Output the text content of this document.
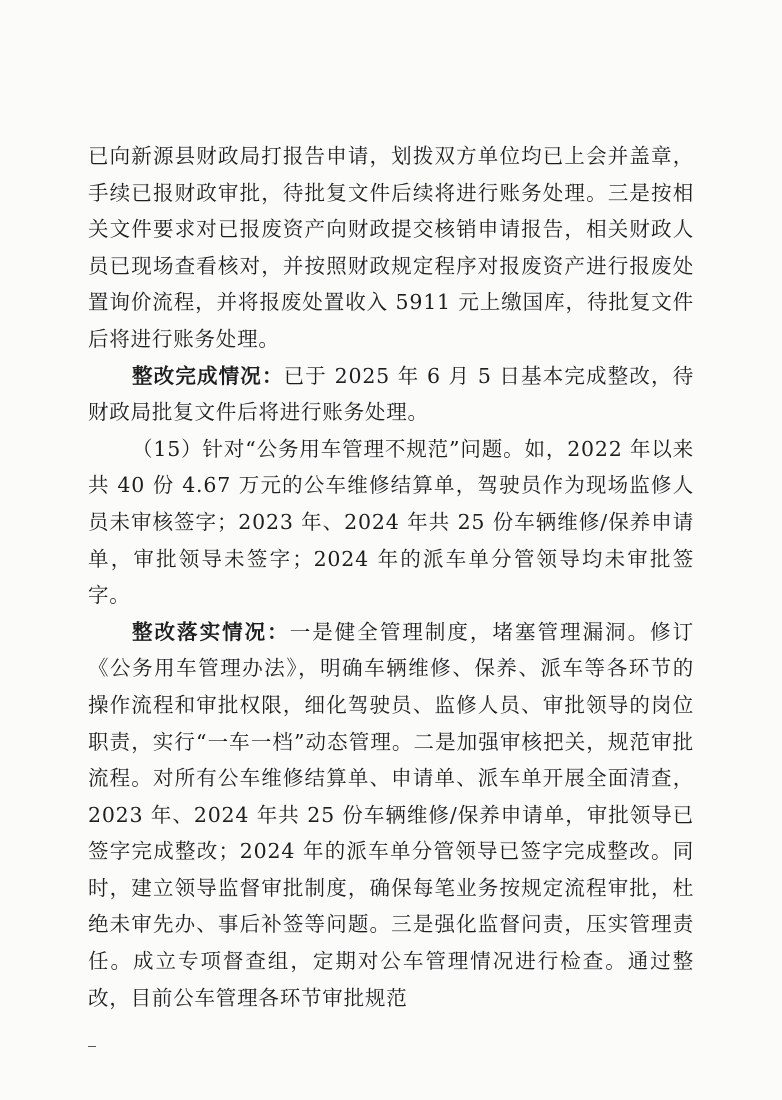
已向新源县财政局打报告申请，划拨双方单位均已上会并盖章，手续已报财政审批，待批复文件后续将进行账务处理。三是按相关文件要求对已报废资产向财政提交核销申请报告，相关财政人员已现场查看核对，并按照财政规定程序对报废资产进行报废处置询价流程，并将报废处置收入 5911 元上缴国库，待批复文件后将进行账务处理。

整改完成情况：已于 2025 年 6 月 5 日基本完成整改，待财政局批复文件后将进行账务处理。

（15）针对“公务用车管理不规范”问题。如，2022 年以来共 40 份 4.67 万元的公车维修结算单，驾驶员作为现场监修人员未审核签字；2023 年、2024 年共 25 份车辆维修/保养申请单，审批领导未签字；2024 年的派车单分管领导均未审批签字。

整改落实情况：一是健全管理制度，堵塞管理漏洞。修订《公务用车管理办法》，明确车辆维修、保养、派车等各环节的操作流程和审批权限，细化驾驶员、监修人员、审批领导的岗位职责，实行“一车一档”动态管理。二是加强审核把关，规范审批流程。对所有公车维修结算单、申请单、派车单开展全面清查，2023 年、2024 年共 25 份车辆维修/保养申请单，审批领导已签字完成整改；2024 年的派车单分管领导已签字完成整改。同时，建立领导监督审批制度，确保每笔业务按规定流程审批，杜绝未审先办、事后补签等问题。三是强化监督问责，压实管理责任。成立专项督查组，定期对公车管理情况进行检查。通过整改，目前公车管理各环节审批规范
